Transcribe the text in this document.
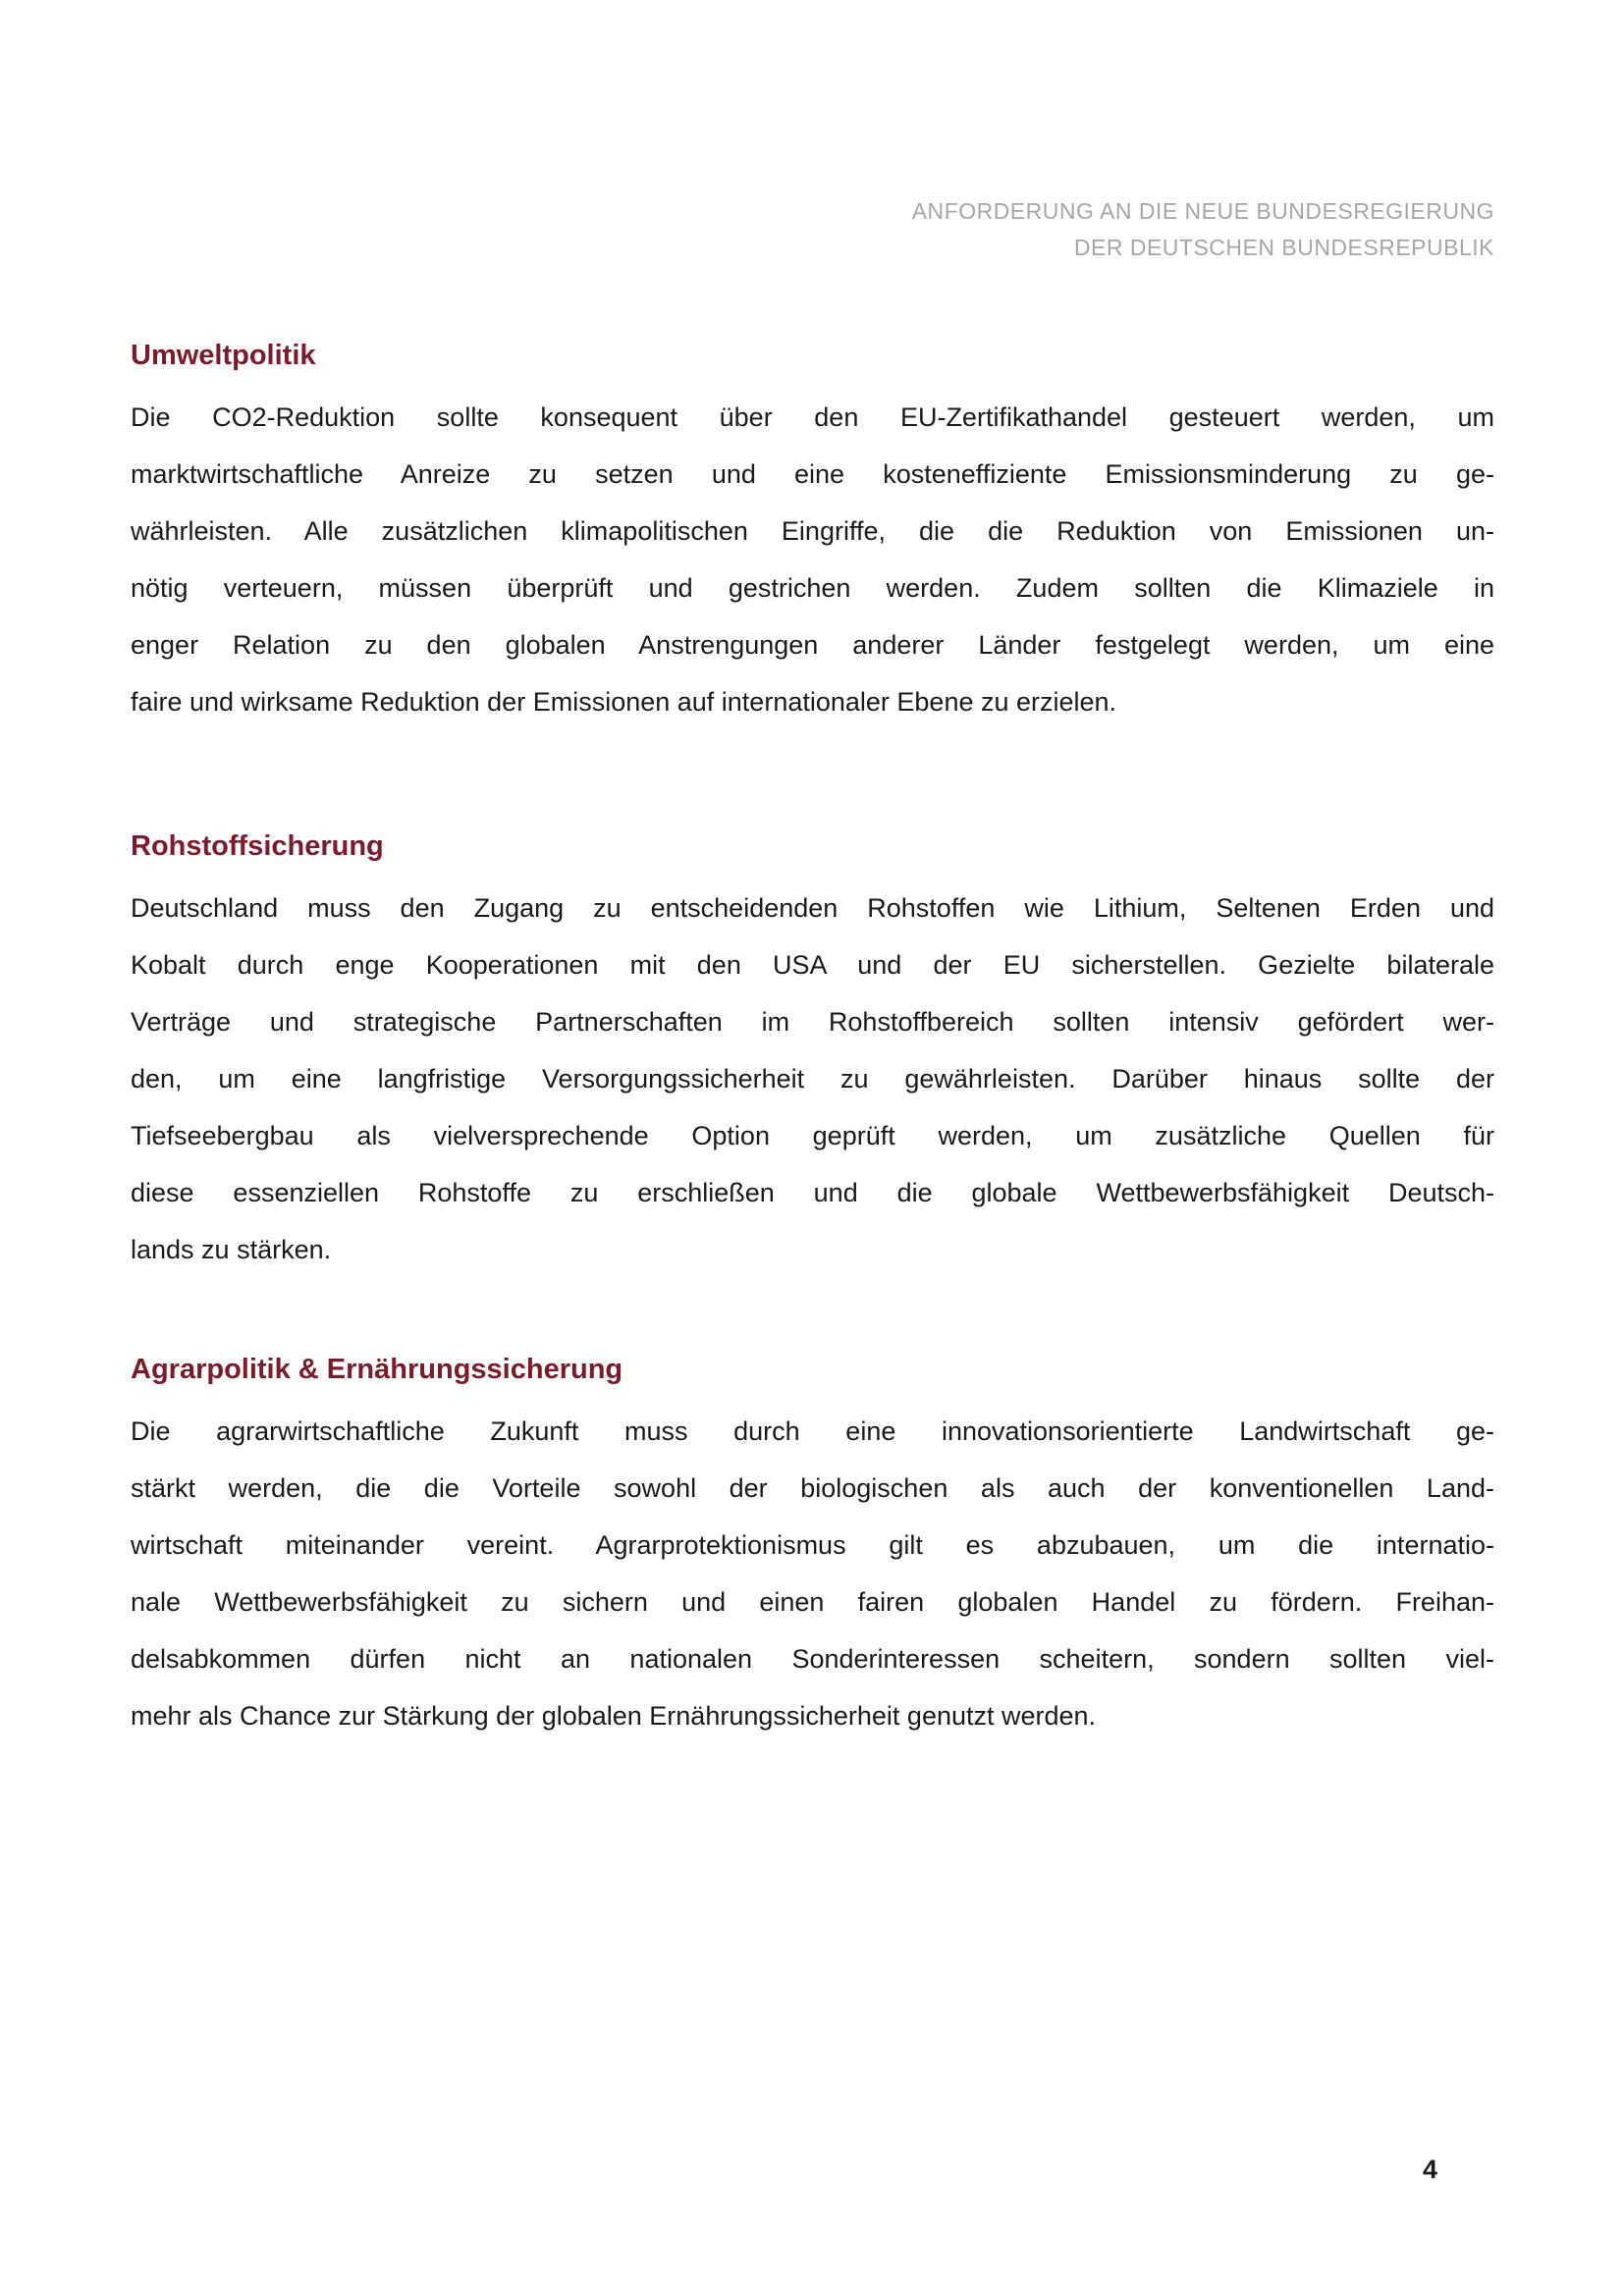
ANFORDERUNG AN DIE NEUE BUNDESREGIERUNG
DER DEUTSCHEN BUNDESREPUBLIK
Umweltpolitik
Die CO2-Reduktion sollte konsequent über den EU-Zertifikathandel gesteuert werden, um
marktwirtschaftliche Anreize zu setzen und eine kosteneffiziente Emissionsminderung zu ge-
währleisten. Alle zusätzlichen klimapolitischen Eingriffe, die die Reduktion von Emissionen un-
nötig verteuern, müssen überprüft und gestrichen werden. Zudem sollten die Klimaziele in
enger Relation zu den globalen Anstrengungen anderer Länder festgelegt werden, um eine
faire und wirksame Reduktion der Emissionen auf internationaler Ebene zu erzielen.
Rohstoffsicherung
Deutschland muss den Zugang zu entscheidenden Rohstoffen wie Lithium, Seltenen Erden und
Kobalt durch enge Kooperationen mit den USA und der EU sicherstellen. Gezielte bilaterale
Verträge und strategische Partnerschaften im Rohstoffbereich sollten intensiv gefördert wer-
den, um eine langfristige Versorgungssicherheit zu gewährleisten. Darüber hinaus sollte der
Tiefseebergbau als vielversprechende Option geprüft werden, um zusätzliche Quellen für
diese essenziellen Rohstoffe zu erschließen und die globale Wettbewerbsfähigkeit Deutsch-
lands zu stärken.
Agrarpolitik & Ernährungssicherung
Die agrarwirtschaftliche Zukunft muss durch eine innovationsorientierte Landwirtschaft ge-
stärkt werden, die die Vorteile sowohl der biologischen als auch der konventionellen Land-
wirtschaft miteinander vereint. Agrarprotektionismus gilt es abzubauen, um die internatio-
nale Wettbewerbsfähigkeit zu sichern und einen fairen globalen Handel zu fördern. Freihan-
delsabkommen dürfen nicht an nationalen Sonderinteressen scheitern, sondern sollten viel-
mehr als Chance zur Stärkung der globalen Ernährungssicherheit genutzt werden.
4
